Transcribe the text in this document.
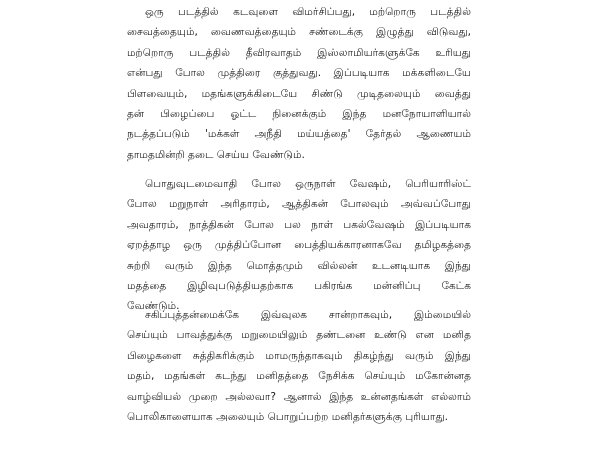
ஒரு படத்தில் கடவுளை விமர்சிப்பது, மற்றொரு படத்தில்
சைவத்தையும், வைணவத்தையும் சண்டைக்கு இழுத்து விடுவது,
மற்றொரு படத்தில் தீவிரவாதம் இஸ்லாமியர்களுக்கே உரியது
என்பது போல முத்திரை குத்துவது. இப்படியாக மக்களிடையே
பிளவையும், மதங்களுக்கிடையே சிண்டு முடிதலையும் வைத்து
தன் பிழைப்பை ஓட்ட நினைக்கும் இந்த மனநோயாளியால்
நடத்தப்படும் 'மக்கள் அநீதி மய்யத்தை' தேர்தல் ஆணையம்
தாமதமின்றி தடை செய்ய வேண்டும்.
பொதுவுடமைவாதி போல ஒருநாள் வேஷம், பெரியாரிஸ்ட்
போல மறுநாள் அரிதாரம், ஆத்திகன் போலவும் அவ்வப்போது
அவதாரம், நாத்திகன் போல பல நாள் பகல்வேஷம் இப்படியாக
ஏறத்தாழ ஒரு முத்திப்போன பைத்தியக்காரனாகவே தமிழகத்தை
சுற்றி வரும் இந்த மொத்தமும் வில்லன் உடனடியாக இந்து
மதத்தை இழிவுபடுத்தியதற்காக பகிரங்க மன்னிப்பு கேட்க
வேண்டும்.
சகிப்புத்தன்மைக்கே இவ்வுலக சான்றாகவும், இம்மையில்
செய்யும் பாவத்துக்கு மறுமையிலும் தண்டனை உண்டு என மனித
பிழைகளை சுத்திகரிக்கும் மாமருந்தாகவும் திகழ்ந்து வரும் இந்து
மதம், மதங்கள் கடந்து மனிதத்தை நேசிக்க செய்யும் மகோன்னத
வாழ்வியல் முறை அல்லவா? ஆனால் இந்த உன்னதங்கள் எல்லாம்
பொலிகாளையாக அலையும் பொறுப்பற்ற மனிதர்களுக்கு புரியாது.
